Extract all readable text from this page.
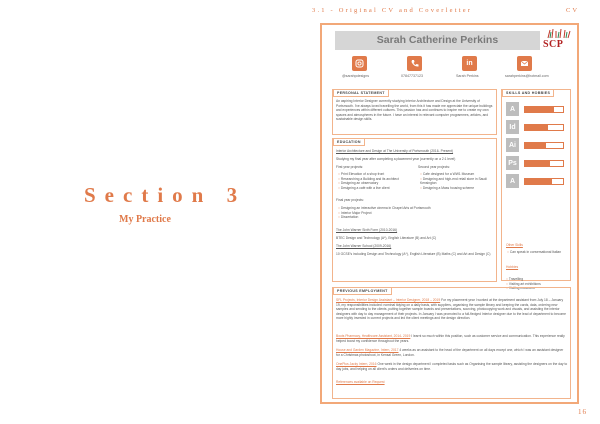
3.1 - Original CV and Coverletter	CV
Section 3
My Practice
16
Sarah Catherine Perkins	SCP
in
@sarahpdesigns	07847737123	Sarah Perkins	sarahperkins@hotmail.com
PERSONAL STATEMENT
An aspiring Interior Designer currently studying Interior Architecture and Design at the University of Portsmouth. I've always loved travelling the world, from this it has made me appreciate the unique buildings and experiences within different cultures. This passion has and continues to inspire me to create my own spaces and atmospheres in the future. I have an interest in relevant computer programmes, articles, and sustainable design skills.
EDUCATION
Interior Architecture and Design at The University of Portsmouth (2016- Present)
Studying my final year after completing a placement year (currently on a 2:1 level)
First year projects:
○ Print Elevation of a shop front
○ Researching a Building and its architect
○ Designing an observatory
○ Designing a café with a live client
Second year projects:
○ Cafe designed for a WW1 Museum
○ Designing and high-end retail store in Saudi Kensington
○ Designing a Mass housing scheme
Final year projects:
○ Designing an interactive cinema in Chapel Arts at Portsmouth
○ Interior Major Project
○ Dissertation
The John Warner Sixth Form (2010-2016)
BTEC Design and Technology (A*), English Literature (B) and Art (C)
The John Warner School (2009-2016)
10 GCSE's including Design and Technology (A*), English Literature (B) Maths (C) and Art and Design (C)
SKILLS AND HOBBIES
A
Id
Ai
Ps
A
Other Skills
○ Can speak in conversational Italian
Hobbies
○ Travelling
○ Visiting art exhibitions
○ Visiting museums
PREVIOUS EMPLOYMENT
SFL Projects, Interior Design Assistant – Interior Designer, 2018 – 2019 For my placement year I worked at the department assistant from July 18 – January 19, my responsibilities included: nominal tidying on a daily basis, with suppliers, organising the sample library and keeping the cards, data, ordering new samples and sending to the clients, putting together sample boards and presentations, sourcing, photocopying work and visuals, and assisting the interior designers with day to day management of their projects. In January I was promoted to a full-fledged Interior designer due to the lead of department to become more highly invested in current projects and led the client meetings and the design direction.
Boots Pharmacy, Healthcare Assistant, 2014- 2019 I learnt so much within this position, such as customer service and communication. This experience really helped boost my confidence throughout the years.
House and Garden Magazine, Intern, 2017 4 weeks as an assistant to the head of the department on all days except one, which I was an assistant designer for a Christmas photoshoot, in Kensal Green, London.
OnePlus Jacky Intern, 2016 One week in the design department I completed tasks such as Organising the sample library, assisting the designers on the day to day jobs, and helping on all client's orders and deliveries on time.
References available on Request
